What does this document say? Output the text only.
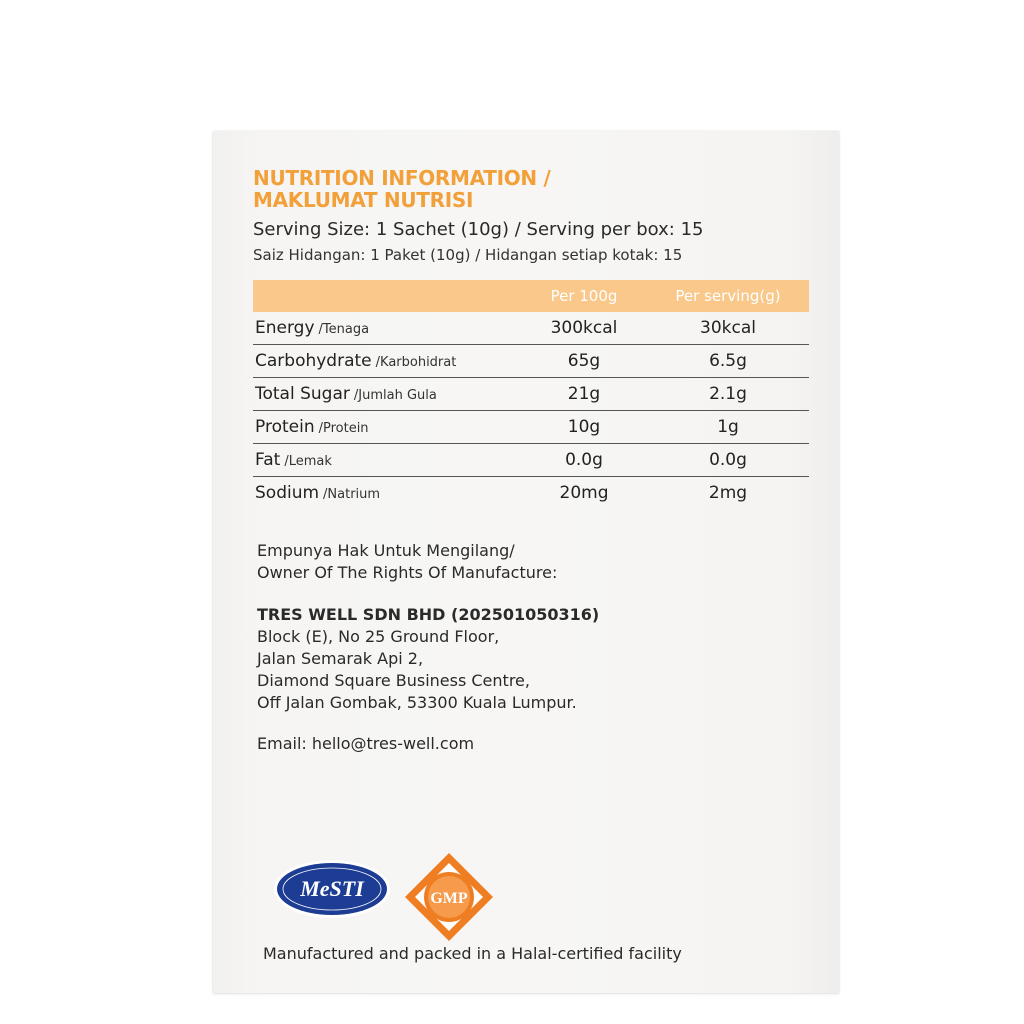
NUTRITION INFORMATION /
MAKLUMAT NUTRISI
Serving Size: 1 Sachet (10g) / Serving per box: 15
Saiz Hidangan: 1 Paket (10g) / Hidangan setiap kotak: 15
	Per 100g	Per serving(g)
Energy /Tenaga	300kcal	30kcal
Carbohydrate /Karbohidrat	65g	6.5g
Total Sugar /Jumlah Gula	21g	2.1g
Protein /Protein	10g	1g
Fat /Lemak	0.0g	0.0g
Sodium /Natrium	20mg	2mg
Empunya Hak Untuk Mengilang/
Owner Of The Rights Of Manufacture:
TRES WELL SDN BHD (202501050316)
Block (E), No 25 Ground Floor,
Jalan Semarak Api 2,
Diamond Square Business Centre,
Off Jalan Gombak, 53300 Kuala Lumpur.
Email: hello@tres-well.com
MeSTI	GMP
Manufactured and packed in a Halal-certified facility
